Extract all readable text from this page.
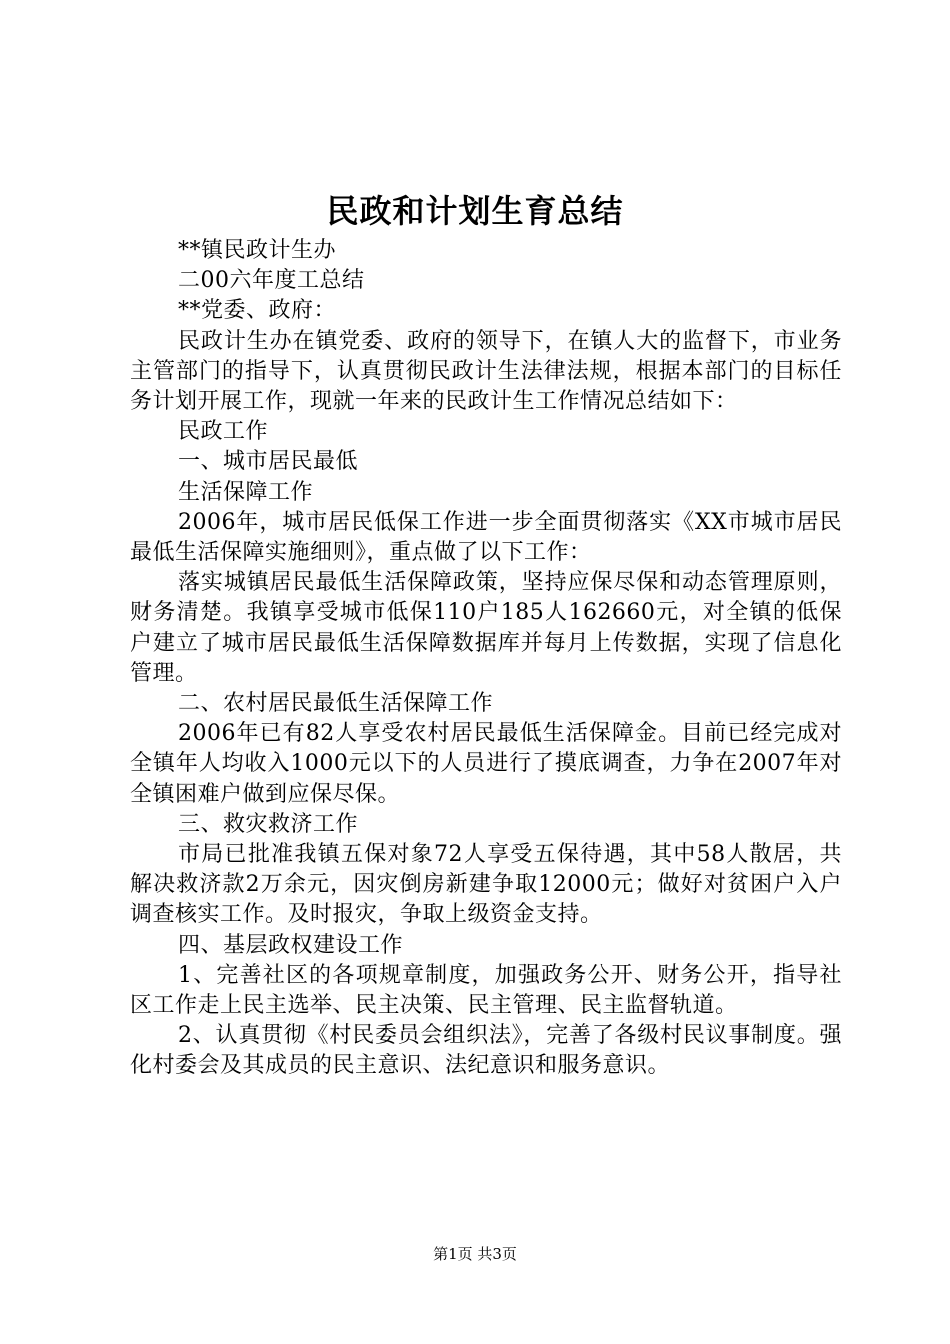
民政和计划生育总结

**镇民政计生办

二00六年度工总结

**党委、政府：

民政计生办在镇党委、政府的领导下，在镇人大的监督下，市业务主管部门的指导下，认真贯彻民政计生法律法规，根据本部门的目标任务计划开展工作，现就一年来的民政计生工作情况总结如下：

民政工作

一、城市居民最低

生活保障工作

2006年，城市居民低保工作进一步全面贯彻落实《XX市城市居民最低生活保障实施细则》，重点做了以下工作：

落实城镇居民最低生活保障政策，坚持应保尽保和动态管理原则，财务清楚。我镇享受城市低保110户185人162660元，对全镇的低保户建立了城市居民最低生活保障数据库并每月上传数据，实现了信息化管理。

二、农村居民最低生活保障工作

2006年已有82人享受农村居民最低生活保障金。目前已经完成对全镇年人均收入1000元以下的人员进行了摸底调查，力争在2007年对全镇困难户做到应保尽保。

三、救灾救济工作

市局已批准我镇五保对象72人享受五保待遇，其中58人散居，共解决救济款2万余元，因灾倒房新建争取12000元；做好对贫困户入户调查核实工作。及时报灾，争取上级资金支持。

四、基层政权建设工作

1、完善社区的各项规章制度，加强政务公开、财务公开，指导社区工作走上民主选举、民主决策、民主管理、民主监督轨道。

2、认真贯彻《村民委员会组织法》，完善了各级村民议事制度。强化村委会及其成员的民主意识、法纪意识和服务意识。

第1页 共3页
